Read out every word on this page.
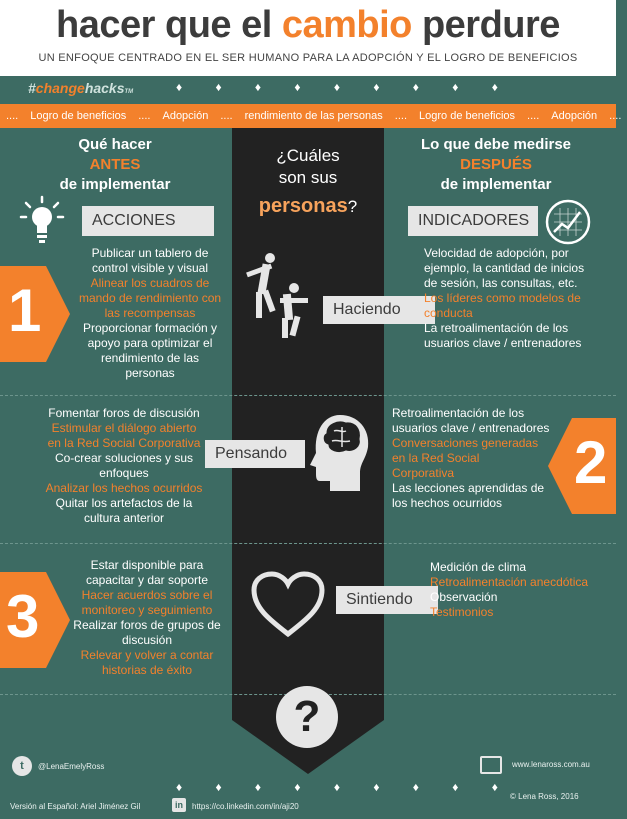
hacer que el cambio perdure
UN ENFOQUE CENTRADO EN EL SER HUMANO PARA LA ADOPCIÓN Y EL LOGRO DE BENEFICIOS
#changehacksTM	♦          ♦          ♦          ♦          ♦          ♦          ♦          ♦          ♦
.... Logro de beneficios .... Adopción .... rendimiento de las personas .... Logro de beneficios .... Adopción ....
Qué hacer
ANTES
de implementar
Lo que debe medirse
DESPUÉS
de implementar
¿Cuáles
son sus
personas?
ACCIONES	INDICADORES
1
Publicar un tablero de
control visible y visual
Alinear los cuadros de
mando de rendimiento con
las recompensas
Proporcionar formación y
apoyo para optimizar el
rendimiento de las
personas
Haciendo
Velocidad de adopción, por
ejemplo, la cantidad de inicios
de sesión, las consultas, etc.
Los líderes como modelos de
conducta
La retroalimentación de los
usuarios clave / entrenadores
Fomentar foros de discusión
Estimular el diálogo abierto
en la Red Social Corporativa
Co-crear soluciones y sus
enfoques
Analizar los hechos ocurridos
Quitar los artefactos de la
cultura anterior
Pensando
Retroalimentación de los
usuarios clave / entrenadores
Conversaciones generadas
en la Red Social
Corporativa
Las lecciones aprendidas de
los hechos ocurridos
2
3
Estar disponible para
capacitar y dar soporte
Hacer acuerdos sobre el
monitoreo y seguimiento
Realizar foros de grupos de
discusión
Relevar y volver a contar
historias de éxito
Sintiendo
Medición de clima
Retroalimentación anecdótica
Observación
Testimonios
?
t	@LenaEmelyRoss	www.lenaross.com.au
♦          ♦          ♦          ♦          ♦          ♦          ♦          ♦          ♦
© Lena Ross, 2016
Versión al Español: Ariel Jiménez Gil	in	https://co.linkedin.com/in/aji20
